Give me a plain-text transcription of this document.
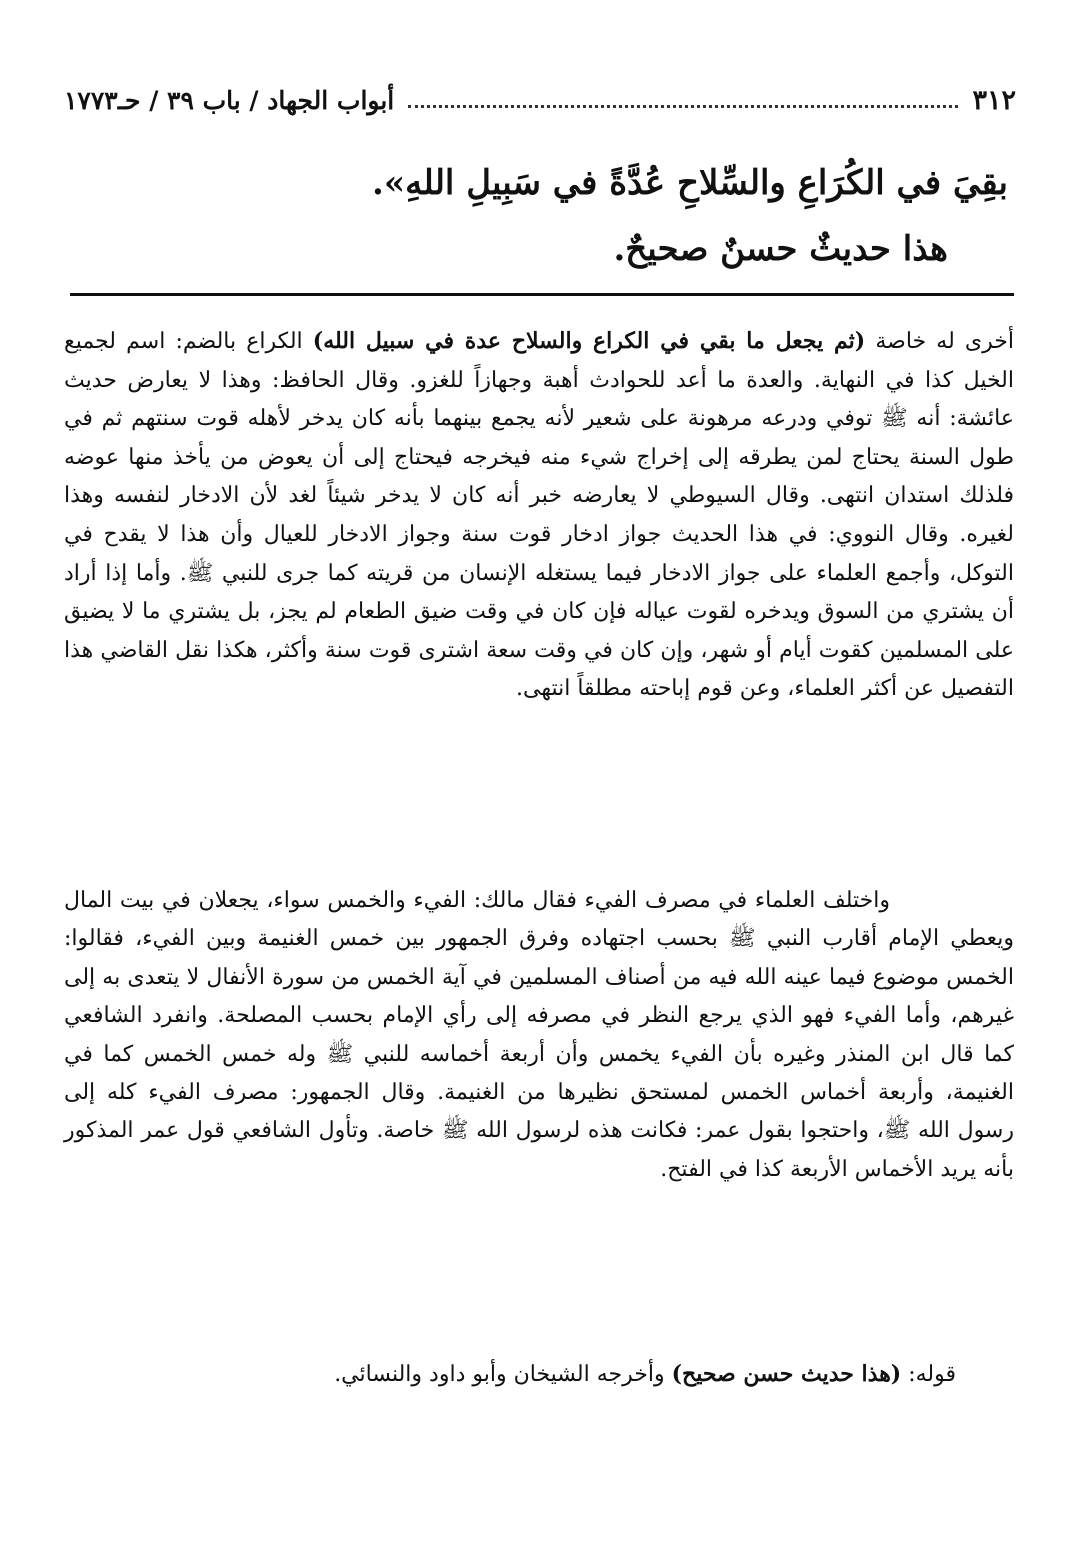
٣١٢
أبواب الجهاد / باب ٣٩ / حـ١٧٧٣
بقِيَ في الكُرَاعِ والسِّلاحِ عُدَّةً في سَبِيلِ اللهِ».
هذا حديثٌ حسنٌ صحيحٌ.
أخرى له خاصة (ثم يجعل ما بقي في الكراع والسلاح عدة في سبيل الله) الكراع بالضم: اسم لجميع الخيل كذا في النهاية. والعدة ما أعد للحوادث أهبة وجهازاً للغزو. وقال الحافظ: وهذا لا يعارض حديث عائشة: أنه ﷺ توفي ودرعه مرهونة على شعير لأنه يجمع بينهما بأنه كان يدخر لأهله قوت سنتهم ثم في طول السنة يحتاج لمن يطرقه إلى إخراج شيء منه فيخرجه فيحتاج إلى أن يعوض من يأخذ منها عوضه فلذلك استدان انتهى. وقال السيوطي لا يعارضه خبر أنه كان لا يدخر شيئاً لغد لأن الادخار لنفسه وهذا لغيره. وقال النووي: في هذا الحديث جواز ادخار قوت سنة وجواز الادخار للعيال وأن هذا لا يقدح في التوكل، وأجمع العلماء على جواز الادخار فيما يستغله الإنسان من قريته كما جرى للنبي ﷺ. وأما إذا أراد أن يشتري من السوق ويدخره لقوت عياله فإن كان في وقت ضيق الطعام لم يجز، بل يشتري ما لا يضيق على المسلمين كقوت أيام أو شهر، وإن كان في وقت سعة اشترى قوت سنة وأكثر، هكذا نقل القاضي هذا التفصيل عن أكثر العلماء، وعن قوم إباحته مطلقاً انتهى.
واختلف العلماء في مصرف الفيء فقال مالك: الفيء والخمس سواء، يجعلان في بيت المال ويعطي الإمام أقارب النبي ﷺ بحسب اجتهاده وفرق الجمهور بين خمس الغنيمة وبين الفيء، فقالوا: الخمس موضوع فيما عينه الله فيه من أصناف المسلمين في آية الخمس من سورة الأنفال لا يتعدى به إلى غيرهم، وأما الفيء فهو الذي يرجع النظر في مصرفه إلى رأي الإمام بحسب المصلحة. وانفرد الشافعي كما قال ابن المنذر وغيره بأن الفيء يخمس وأن أربعة أخماسه للنبي ﷺ وله خمس الخمس كما في الغنيمة، وأربعة أخماس الخمس لمستحق نظيرها من الغنيمة. وقال الجمهور: مصرف الفيء كله إلى رسول الله ﷺ، واحتجوا بقول عمر: فكانت هذه لرسول الله ﷺ خاصة. وتأول الشافعي قول عمر المذكور بأنه يريد الأخماس الأربعة كذا في الفتح.
قوله: (هذا حديث حسن صحيح) وأخرجه الشيخان وأبو داود والنسائي.
